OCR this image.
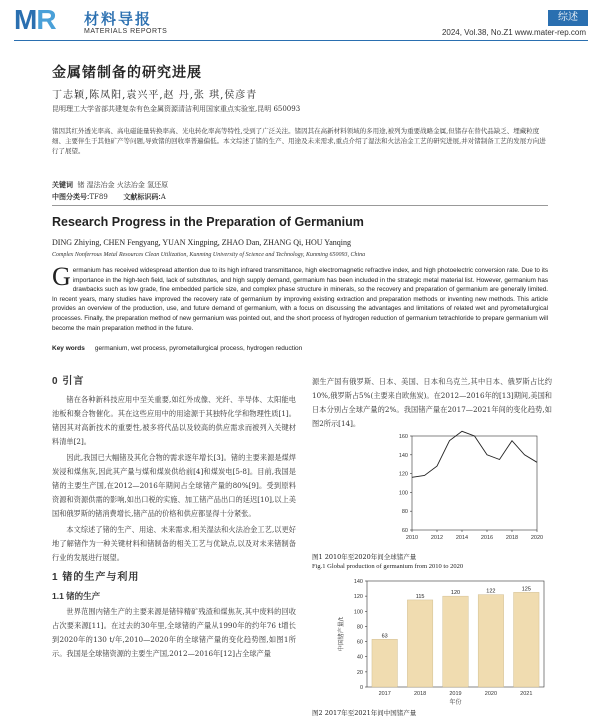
MR 材料导报
MATERIALS REPORTS
综述
2024, Vol.38, No.Z1 www.mater-rep.com
金属锗制备的研究进展
丁志颖,陈凤阳,袁兴平,赵 丹,张 琪,侯彦青
昆明理工大学省部共建复杂有色金属资源清洁利用国家重点实验室,昆明 650093
锗因其红外透光率高、高电磁能量转换率高、光电转化率高等特性,受到了广泛关注。锗因其在高新材料领域的多用途,被列为重要战略金属,但锗存在替代品缺乏、埋藏粒度细、主要伴生于其他矿产等问题,导致锗的回收率普遍偏低。本文综述了锗的生产、用途及未来需求,重点介绍了湿法和火法冶金工艺的研究进展,并对锗制备工艺的发展方向进行了展望。
关键词 锗 湿法冶金 火法冶金 氢还原
中图分类号:TF89 文献标识码:A
Research Progress in the Preparation of Germanium
DING Zhiying, CHEN Fengyang, YUAN Xingping, ZHAO Dan, ZHANG Qi, HOU Yanqing
Complex Nonferrous Metal Resources Clean Utilization, Kunming University of Science and Technology, Kunming 650093, China
Germanium has received widespread attention due to its high infrared transmittance, high electromagnetic refractive index, and high photoelectric conversion rate. Due to its importance in the high-tech field, lack of substitutes, and high supply demand, germanium has been included in the strategic metal material list. However, germanium has drawbacks such as low grade, fine embedded particle size, and complex phase structure in minerals, so the recovery and preparation of germanium are generally limited. In recent years, many studies have improved the recovery rate of germanium by improving existing extraction and preparation methods or inventing new methods. This article provides an overview of the production, use, and future demand of germanium, with a focus on discussing the advantages and limitations of related wet and pyrometallurgical processes. Finally, the preparation method of new germanium was pointed out, and the short process of hydrogen reduction of germanium tetrachloride to prepare germanium will become the main preparation method in the future.
Key words germanium, wet process, pyrometallurgical process, hydrogen reduction
0 引言

锗在各种新科技应用中至关重要,如红外成像、光纤、半导体、太阳能电池板和聚合物催化。其在这些应用中的用途源于其独特化学和物理性质[1]。锗因其对高新技术的重要性,被多将代品以及较高的供应需求而被列入关键材料清单[2]。

因此,我国已大幅锗及其化合物的需求逐年增长[3]。锗的主要来源是煤焊炭浸和煤焦灰,因此其产量与煤和煤炭供给前[4]和煤炭电[5-8]。目前,我国是锗的主要生产国,在2012—2016年期间占全球锗产量的80%[9]。受到原料资源和资源供需的影响,如出口税的实施、加工锗产品出口的延迟[10],以上美国和俄罗斯的锗消费增长,锗产品的价格和供应都显得十分紧张。

本文综述了锗的生产、用途、未来需求,相关湿法和火法冶金工艺,以更好地了解锗作为一种关键材料和锗制备的相关工艺与优缺点,以及对未来锗制备行业的发展进行展望。

1 锗的生产与利用
1.1 锗的生产

世界范围内锗生产的主要来源是锗锌精矿残渣和煤焦灰,其中废料的回收占次要来源[11]。在过去的30年里,全球锗的产量从1990年的约年76 t增长到2020年的130 t/年,2010—2020年的全球锗产量的变化趋势图,如图1所示。我国是全球锗资源的主要生产国,2012—2016年[12]占全球产量

源生产国有俄罗斯、日本、美国、日本和乌克兰,其中日本、俄罗斯占比约10%,俄罗斯占5%(主要来自欧焦炭)。在2012—2016年的[13]期间,美国和日本分别占全球产量的2%。我国锗产量在2017—2021年间的变化趋势,如图2所示[14]。

60
80
100
120
140
160
2010 2012 2014 2016 2018 2020
图1 2010年至2020年间全球锗产量
Fig.1 Global production of germanium from 2010 to 2020
0
20
40
60
80
100
120
140
中国锗产量/t	63
2017
115
2018
120
2019
122
2020
125
2021
年份
图2 2017年至2021年间中国锗产量
